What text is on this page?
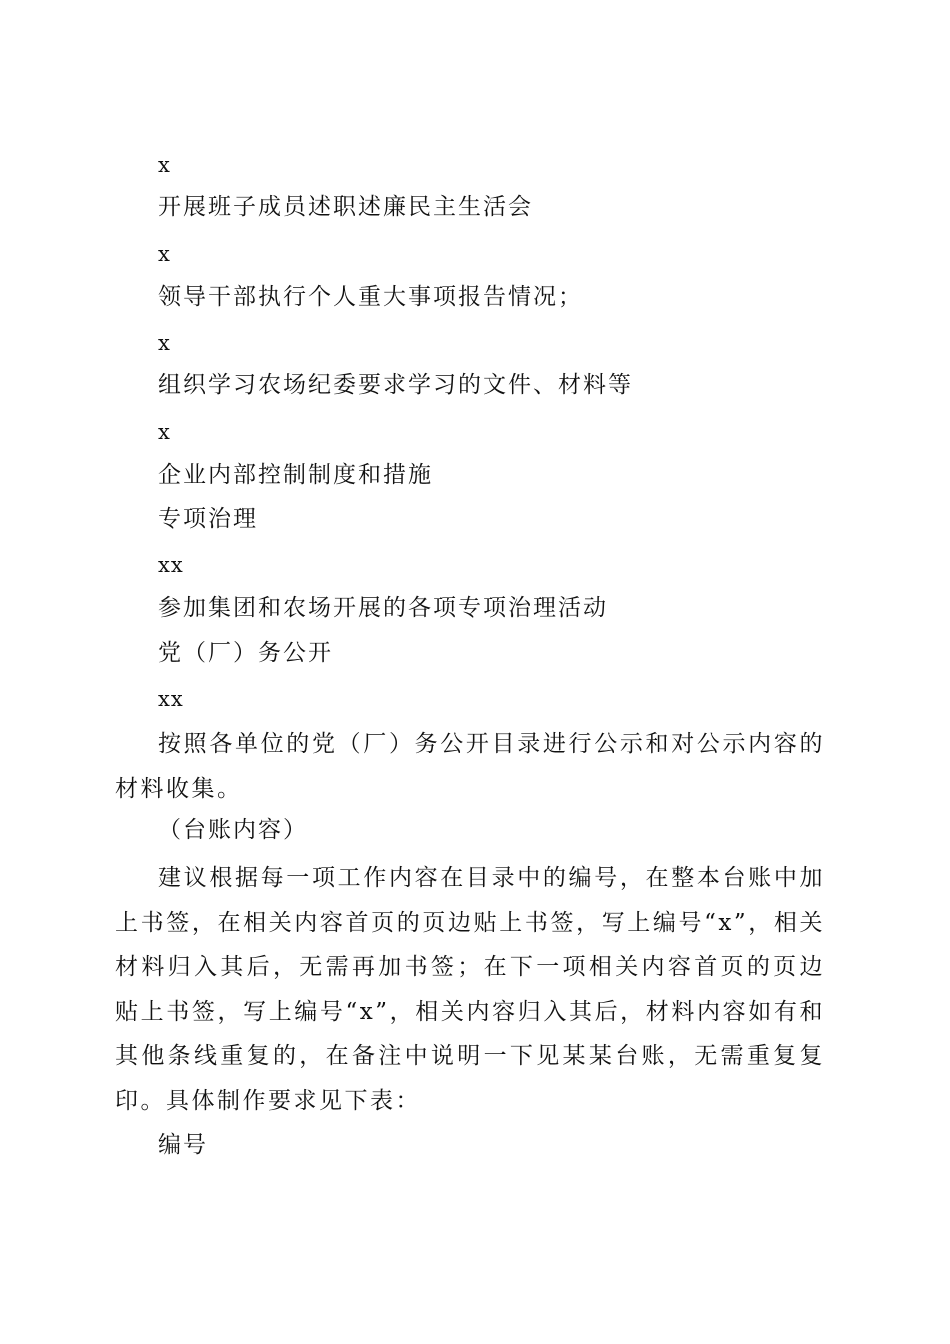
x
开展班子成员述职述廉民主生活会
x
领导干部执行个人重大事项报告情况；
x
组织学习农场纪委要求学习的文件、材料等
x
企业内部控制制度和措施
专项治理
xx
参加集团和农场开展的各项专项治理活动
党（厂）务公开
xx
按照各单位的党（厂）务公开目录进行公示和对公示内容的材料收集。
（台账内容）
建议根据每一项工作内容在目录中的编号，在整本台账中加上书签，在相关内容首页的页边贴上书签，写上编号“x”，相关材料归入其后，无需再加书签；在下一项相关内容首页的页边贴上书签，写上编号“x”，相关内容归入其后，材料内容如有和其他条线重复的，在备注中说明一下见某某台账，无需重复复印。具体制作要求见下表：
编号
